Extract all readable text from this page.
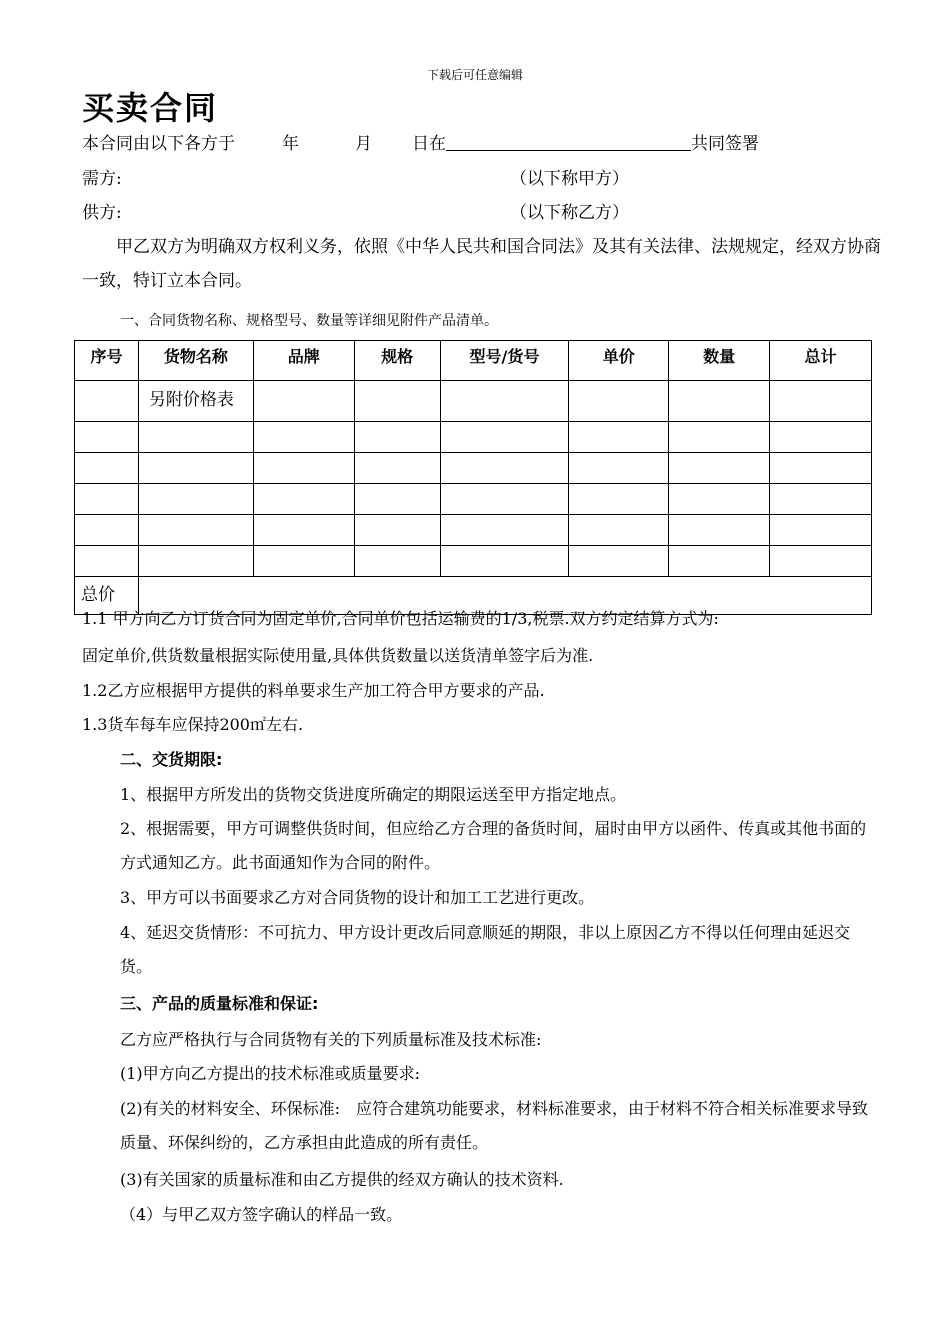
下载后可任意编辑
买卖合同
本合同由以下各方于	年	月 日在	共同签署
需方:	（以下称甲方）
供方:	（以下称乙方）
甲乙双方为明确双方权利义务，依照《中华人民共和国合同法》及其有关法律、法规规定，经双方协商一致，特订立本合同。
一、合同货物名称、规格型号、数量等详细见附件产品清单。
序号	货物名称	品牌	规格	型号/货号	单价	数量	总计
	另附价格表						

总价							
1.1 甲方向乙方订货合同为固定单价,合同单价包括运输费的1/3,税票.双方约定结算方式为:
固定单价,供货数量根据实际使用量,具体供货数量以送货清单签字后为准.
1.2乙方应根据甲方提供的料单要求生产加工符合甲方要求的产品.
1.3货车每车应保持200㎡左右.
二、交货期限:
1、根据甲方所发出的货物交货进度所确定的期限运送至甲方指定地点。
2、根据需要，甲方可调整供货时间，但应给乙方合理的备货时间，届时由甲方以函件、传真或其他书面的方式通知乙方。此书面通知作为合同的附件。
3、甲方可以书面要求乙方对合同货物的设计和加工工艺进行更改。
4、延迟交货情形：不可抗力、甲方设计更改后同意顺延的期限，非以上原因乙方不得以任何理由延迟交货。
三、产品的质量标准和保证:
乙方应严格执行与合同货物有关的下列质量标准及技术标准:
(1)甲方向乙方提出的技术标准或质量要求:
(2)有关的材料安全、环保标准:　应符合建筑功能要求，材料标准要求，由于材料不符合相关标准要求导致质量、环保纠纷的，乙方承担由此造成的所有责任。
(3)有关国家的质量标准和由乙方提供的经双方确认的技术资料.
（4）与甲乙双方签字确认的样品一致。
